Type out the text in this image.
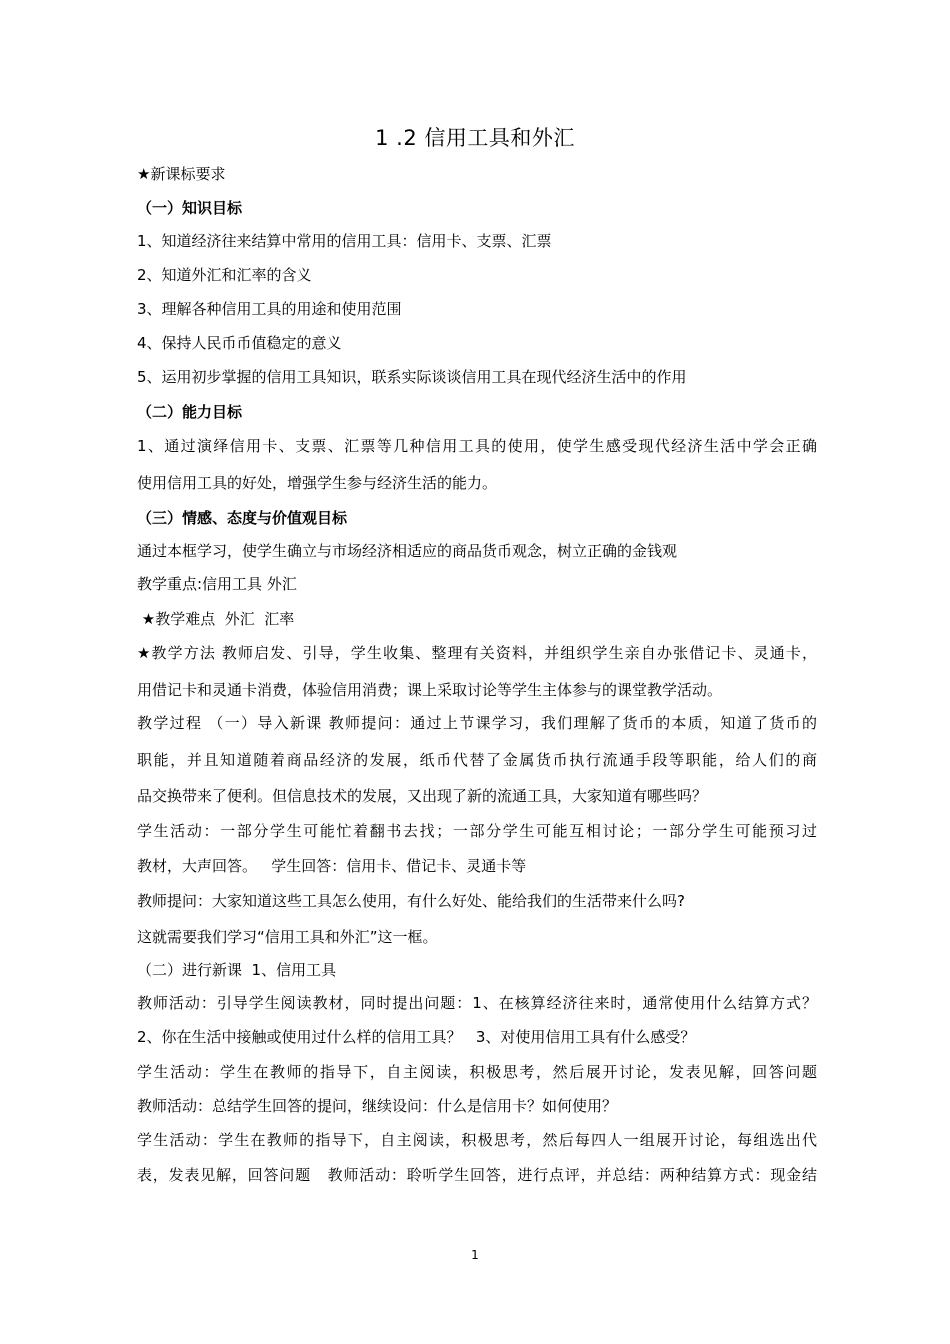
1 .2 信用工具和外汇
★新课标要求
（一）知识目标
1、知道经济往来结算中常用的信用工具：信用卡、支票、汇票
2、知道外汇和汇率的含义
3、理解各种信用工具的用途和使用范围
4、保持人民币币值稳定的意义
5、运用初步掌握的信用工具知识，联系实际谈谈信用工具在现代经济生活中的作用
（二）能力目标
1、通过演绎信用卡、支票、汇票等几种信用工具的使用，使学生感受现代经济生活中学会正确
使用信用工具的好处，增强学生参与经济生活的能力。
（三）情感、态度与价值观目标
通过本框学习，使学生确立与市场经济相适应的商品货币观念，树立正确的金钱观
教学重点:信用工具 外汇
★教学难点  外汇  汇率
★教学方法 教师启发、引导，学生收集、整理有关资料，并组织学生亲自办张借记卡、灵通卡，
用借记卡和灵通卡消费，体验信用消费；课上采取讨论等学生主体参与的课堂教学活动。
教学过程 （一）导入新课 教师提问：通过上节课学习，我们理解了货币的本质，知道了货币的
职能，并且知道随着商品经济的发展，纸币代替了金属货币执行流通手段等职能，给人们的商
品交换带来了便利。但信息技术的发展，又出现了新的流通工具，大家知道有哪些吗？
学生活动：一部分学生可能忙着翻书去找；一部分学生可能互相讨论；一部分学生可能预习过
教材，大声回答。   学生回答：信用卡、借记卡、灵通卡等
教师提问：大家知道这些工具怎么使用，有什么好处、能给我们的生活带来什么吗?
这就需要我们学习“信用工具和外汇”这一框。
（二）进行新课  1、信用工具
教师活动：引导学生阅读教材，同时提出问题：1、在核算经济往来时，通常使用什么结算方式？
2、你在生活中接触或使用过什么样的信用工具？   3、对使用信用工具有什么感受？
学生活动：学生在教师的指导下，自主阅读，积极思考，然后展开讨论，发表见解，回答问题
教师活动：总结学生回答的提问，继续设问：什么是信用卡？如何使用？
学生活动：学生在教师的指导下，自主阅读，积极思考，然后每四人一组展开讨论，每组选出代
表，发表见解，回答问题   教师活动：聆听学生回答，进行点评，并总结：两种结算方式：现金结
1
